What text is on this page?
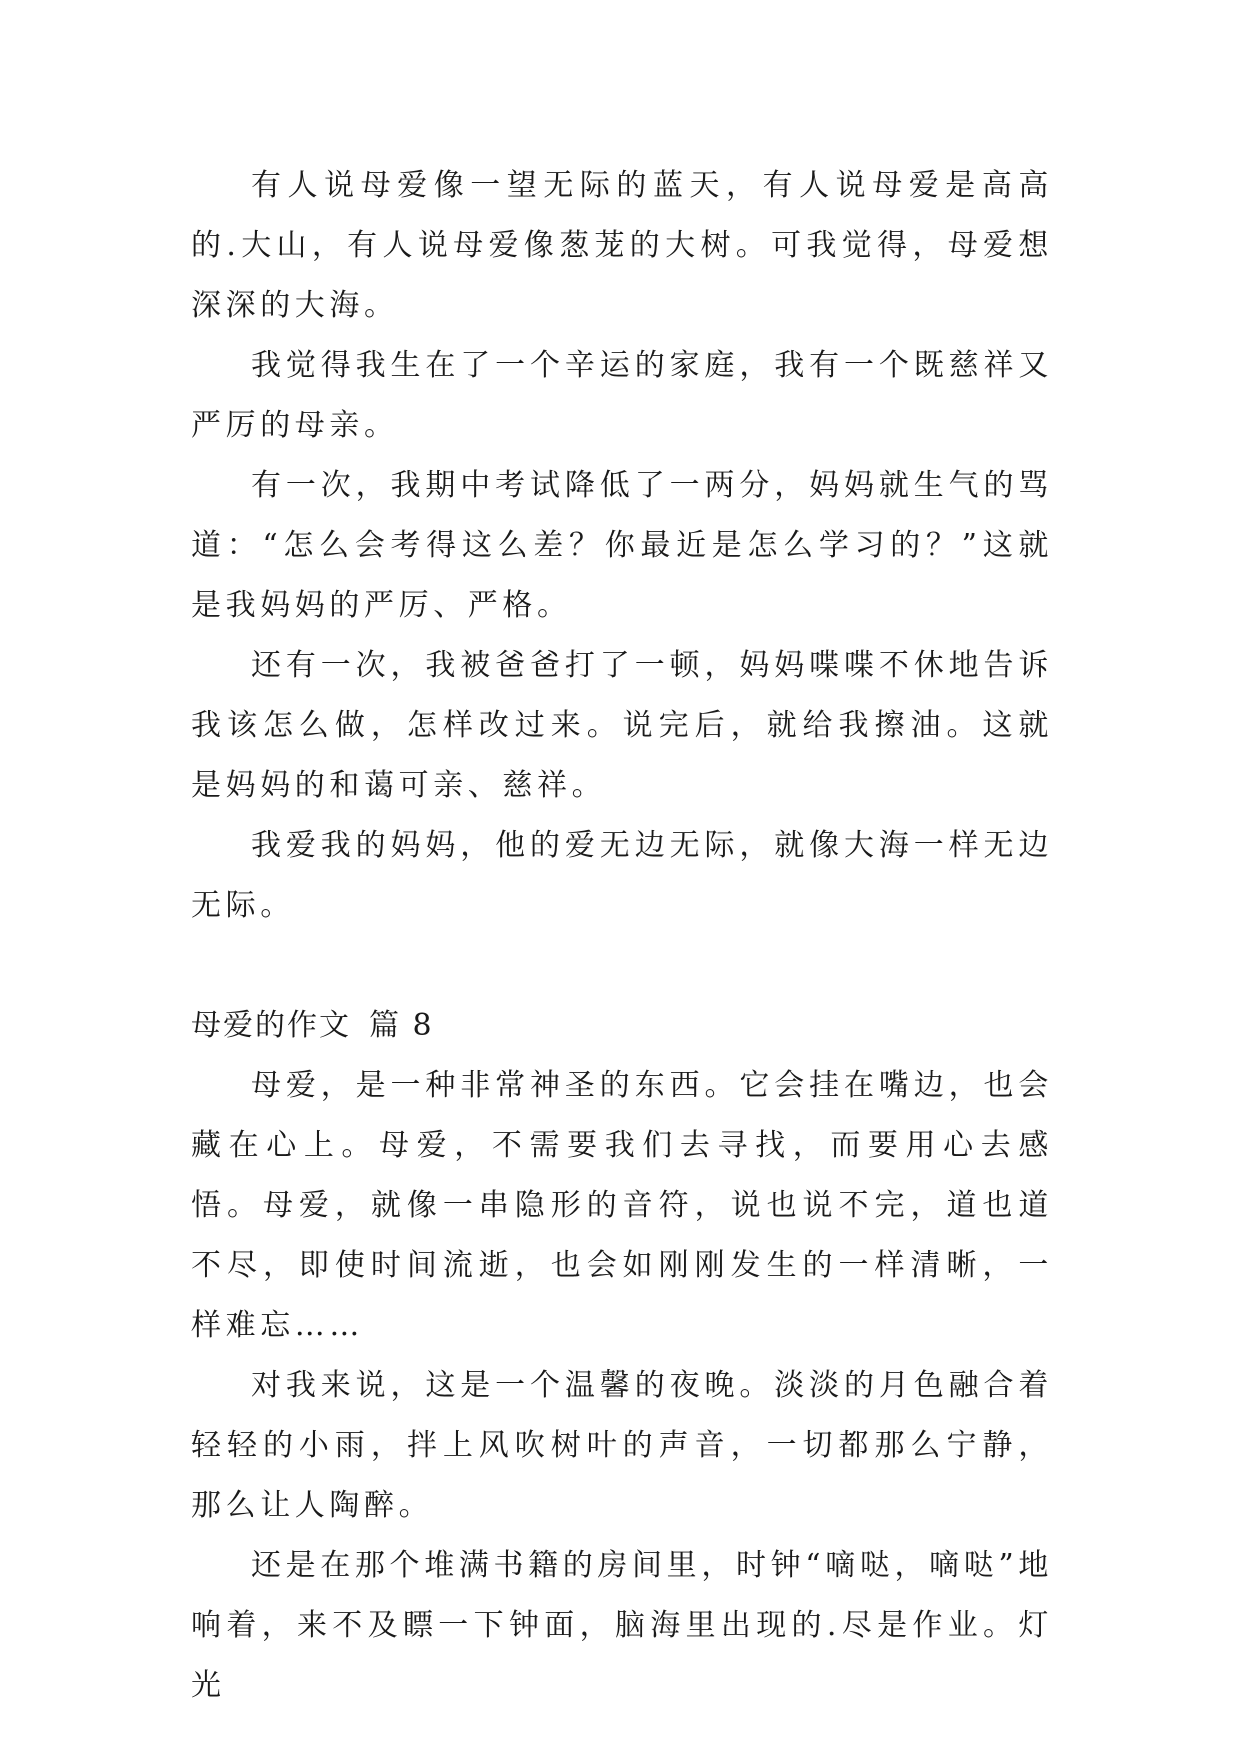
有人说母爱像一望无际的蓝天，有人说母爱是高高的.大山，有人说母爱像葱茏的大树。可我觉得，母爱想深深的大海。

我觉得我生在了一个辛运的家庭，我有一个既慈祥又严厉的母亲。

有一次，我期中考试降低了一两分，妈妈就生气的骂道：“怎么会考得这么差？你最近是怎么学习的？”这就是我妈妈的严厉、严格。

还有一次，我被爸爸打了一顿，妈妈喋喋不休地告诉我该怎么做，怎样改过来。说完后，就给我擦油。这就是妈妈的和蔼可亲、慈祥。

我爱我的妈妈，他的爱无边无际，就像大海一样无边无际。

母爱的作文 篇 8

母爱，是一种非常神圣的东西。它会挂在嘴边，也会藏在心上。母爱，不需要我们去寻找，而要用心去感悟。母爱，就像一串隐形的音符，说也说不完，道也道不尽，即使时间流逝，也会如刚刚发生的一样清晰，一样难忘……

对我来说，这是一个温馨的夜晚。淡淡的月色融合着轻轻的小雨，拌上风吹树叶的声音，一切都那么宁静，那么让人陶醉。

还是在那个堆满书籍的房间里，时钟“嘀哒，嘀哒”地响着，来不及瞟一下钟面，脑海里出现的.尽是作业。灯光
